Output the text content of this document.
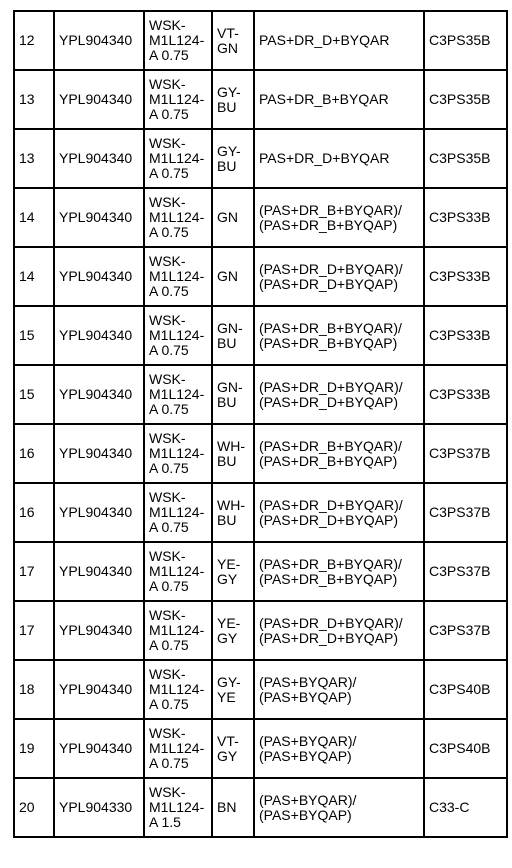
12	YPL904340	WSK-
M1L124-
A 0.75	VT-
GN	PAS+DR_D+BYQAR	C3PS35B
13	YPL904340	WSK-
M1L124-
A 0.75	GY-
BU	PAS+DR_B+BYQAR	C3PS35B
13	YPL904340	WSK-
M1L124-
A 0.75	GY-
BU	PAS+DR_D+BYQAR	C3PS35B
14	YPL904340	WSK-
M1L124-
A 0.75	GN	(PAS+DR_B+BYQAR)/
(PAS+DR_B+BYQAP)	C3PS33B
14	YPL904340	WSK-
M1L124-
A 0.75	GN	(PAS+DR_D+BYQAR)/
(PAS+DR_D+BYQAP)	C3PS33B
15	YPL904340	WSK-
M1L124-
A 0.75	GN-
BU	(PAS+DR_B+BYQAR)/
(PAS+DR_B+BYQAP)	C3PS33B
15	YPL904340	WSK-
M1L124-
A 0.75	GN-
BU	(PAS+DR_D+BYQAR)/
(PAS+DR_D+BYQAP)	C3PS33B
16	YPL904340	WSK-
M1L124-
A 0.75	WH-
BU	(PAS+DR_B+BYQAR)/
(PAS+DR_B+BYQAP)	C3PS37B
16	YPL904340	WSK-
M1L124-
A 0.75	WH-
BU	(PAS+DR_D+BYQAR)/
(PAS+DR_D+BYQAP)	C3PS37B
17	YPL904340	WSK-
M1L124-
A 0.75	YE-
GY	(PAS+DR_B+BYQAR)/
(PAS+DR_B+BYQAP)	C3PS37B
17	YPL904340	WSK-
M1L124-
A 0.75	YE-
GY	(PAS+DR_D+BYQAR)/
(PAS+DR_D+BYQAP)	C3PS37B
18	YPL904340	WSK-
M1L124-
A 0.75	GY-
YE	(PAS+BYQAR)/
(PAS+BYQAP)	C3PS40B
19	YPL904340	WSK-
M1L124-
A 0.75	VT-
GY	(PAS+BYQAR)/
(PAS+BYQAP)	C3PS40B
20	YPL904330	WSK-
M1L124-
A 1.5	BN	(PAS+BYQAR)/
(PAS+BYQAP)	C33-C
